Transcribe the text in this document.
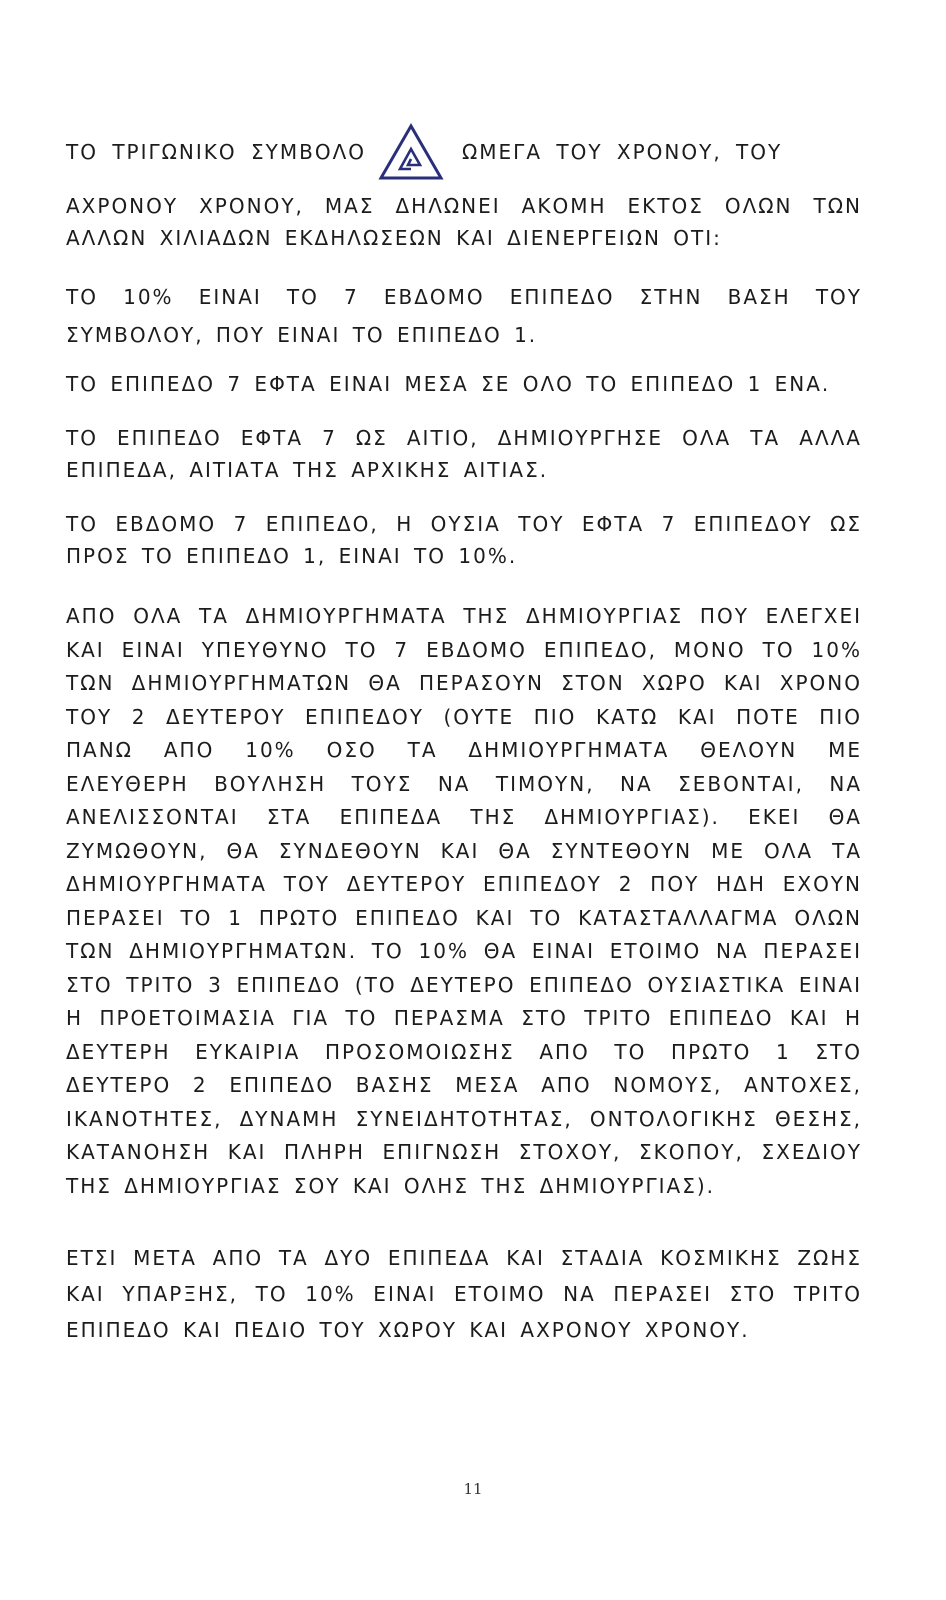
ΤΟ ΤΡΙΓΩΝΙΚΟ ΣΥΜΒΟΛΟ	ΩΜΕΓΑ ΤΟΥ ΧΡΟΝΟΥ, ΤΟΥ

ΑΧΡΟΝΟΥ ΧΡΟΝΟΥ, ΜΑΣ ΔΗΛΩΝΕΙ ΑΚΟΜΗ ΕΚΤΟΣ ΟΛΩΝ ΤΩΝ ΑΛΛΩΝ ΧΙΛΙΑΔΩΝ ΕΚΔΗΛΩΣΕΩΝ ΚΑΙ ΔΙΕΝΕΡΓΕΙΩΝ ΟΤΙ:

ΤΟ 10% ΕΙΝΑΙ ΤΟ 7 ΕΒΔΟΜΟ ΕΠΙΠΕΔΟ ΣΤΗΝ ΒΑΣΗ ΤΟΥ ΣΥΜΒΟΛΟΥ, ΠΟΥ ΕΙΝΑΙ ΤΟ ΕΠΙΠΕΔΟ 1.

ΤΟ ΕΠΙΠΕΔΟ 7 ΕΦΤΑ ΕΙΝΑΙ ΜΕΣΑ ΣΕ ΟΛΟ ΤΟ ΕΠΙΠΕΔΟ 1 ΕΝΑ.

ΤΟ ΕΠΙΠΕΔΟ ΕΦΤΑ 7 ΩΣ ΑΙΤΙΟ, ΔΗΜΙΟΥΡΓΗΣΕ ΟΛΑ ΤΑ ΑΛΛΑ ΕΠΙΠΕΔΑ, ΑΙΤΙΑΤΑ ΤΗΣ ΑΡΧΙΚΗΣ ΑΙΤΙΑΣ.

ΤΟ ΕΒΔΟΜΟ 7 ΕΠΙΠΕΔΟ, Η ΟΥΣΙΑ ΤΟΥ ΕΦΤΑ 7 ΕΠΙΠΕΔΟΥ ΩΣ ΠΡΟΣ ΤΟ ΕΠΙΠΕΔΟ 1, ΕΙΝΑΙ ΤΟ 10%.

ΑΠΟ ΟΛΑ ΤΑ ΔΗΜΙΟΥΡΓΗΜΑΤΑ ΤΗΣ ΔΗΜΙΟΥΡΓΙΑΣ ΠΟΥ ΕΛΕΓΧΕΙ ΚΑΙ ΕΙΝΑΙ ΥΠΕΥΘΥΝΟ ΤΟ 7 ΕΒΔΟΜΟ ΕΠΙΠΕΔΟ, ΜΟΝΟ ΤΟ 10% ΤΩΝ ΔΗΜΙΟΥΡΓΗΜΑΤΩΝ ΘΑ ΠΕΡΑΣΟΥΝ ΣΤΟΝ ΧΩΡΟ ΚΑΙ ΧΡΟΝΟ ΤΟΥ 2 ΔΕΥΤΕΡΟΥ ΕΠΙΠΕΔΟΥ (ΟΥΤΕ ΠΙΟ ΚΑΤΩ ΚΑΙ ΠΟΤΕ ΠΙΟ ΠΑΝΩ ΑΠΟ 10% ΟΣΟ ΤΑ ΔΗΜΙΟΥΡΓΗΜΑΤΑ ΘΕΛΟΥΝ ΜΕ ΕΛΕΥΘΕΡΗ ΒΟΥΛΗΣΗ ΤΟΥΣ ΝΑ ΤΙΜΟΥΝ, ΝΑ ΣΕΒΟΝΤΑΙ, ΝΑ ΑΝΕΛΙΣΣΟΝΤΑΙ ΣΤΑ ΕΠΙΠΕΔΑ ΤΗΣ ΔΗΜΙΟΥΡΓΙΑΣ). ΕΚΕΙ ΘΑ ΖΥΜΩΘΟΥΝ, ΘΑ ΣΥΝΔΕΘΟΥΝ ΚΑΙ ΘΑ ΣΥΝΤΕΘΟΥΝ ΜΕ ΟΛΑ ΤΑ ΔΗΜΙΟΥΡΓΗΜΑΤΑ ΤΟΥ ΔΕΥΤΕΡΟΥ ΕΠΙΠΕΔΟΥ 2 ΠΟΥ ΗΔΗ ΕΧΟΥΝ ΠΕΡΑΣΕΙ ΤΟ 1 ΠΡΩΤΟ ΕΠΙΠΕΔΟ ΚΑΙ ΤΟ ΚΑΤΑΣΤΑΛΛΑΓΜΑ ΟΛΩΝ ΤΩΝ ΔΗΜΙΟΥΡΓΗΜΑΤΩΝ. ΤΟ 10% ΘΑ ΕΙΝΑΙ ΕΤΟΙΜΟ ΝΑ ΠΕΡΑΣΕΙ ΣΤΟ ΤΡΙΤΟ 3 ΕΠΙΠΕΔΟ (ΤΟ ΔΕΥΤΕΡΟ ΕΠΙΠΕΔΟ ΟΥΣΙΑΣΤΙΚΑ ΕΙΝΑΙ Η ΠΡΟΕΤΟΙΜΑΣΙΑ ΓΙΑ ΤΟ ΠΕΡΑΣΜΑ ΣΤΟ ΤΡΙΤΟ ΕΠΙΠΕΔΟ ΚΑΙ Η ΔΕΥΤΕΡΗ ΕΥΚΑΙΡΙΑ ΠΡΟΣΟΜΟΙΩΣΗΣ ΑΠΟ ΤΟ ΠΡΩΤΟ 1 ΣΤΟ ΔΕΥΤΕΡΟ 2 ΕΠΙΠΕΔΟ ΒΑΣΗΣ ΜΕΣΑ ΑΠΟ ΝΟΜΟΥΣ, ΑΝΤΟΧΕΣ, ΙΚΑΝΟΤΗΤΕΣ, ΔΥΝΑΜΗ ΣΥΝΕΙΔΗΤΟΤΗΤΑΣ, ΟΝΤΟΛΟΓΙΚΗΣ ΘΕΣΗΣ, ΚΑΤΑΝΟΗΣΗ ΚΑΙ ΠΛΗΡΗ ΕΠΙΓΝΩΣΗ ΣΤΟΧΟΥ, ΣΚΟΠΟΥ, ΣΧΕΔΙΟΥ ΤΗΣ ΔΗΜΙΟΥΡΓΙΑΣ ΣΟΥ ΚΑΙ ΟΛΗΣ ΤΗΣ ΔΗΜΙΟΥΡΓΙΑΣ).

ΕΤΣΙ ΜΕΤΑ ΑΠΟ ΤΑ ΔΥΟ ΕΠΙΠΕΔΑ ΚΑΙ ΣΤΑΔΙΑ ΚΟΣΜΙΚΗΣ ΖΩΗΣ ΚΑΙ ΥΠΑΡΞΗΣ, ΤΟ 10% ΕΙΝΑΙ ΕΤΟΙΜΟ ΝΑ ΠΕΡΑΣΕΙ ΣΤΟ ΤΡΙΤΟ ΕΠΙΠΕΔΟ ΚΑΙ ΠΕΔΙΟ ΤΟΥ ΧΩΡΟΥ ΚΑΙ ΑΧΡΟΝΟΥ ΧΡΟΝΟΥ.

11
